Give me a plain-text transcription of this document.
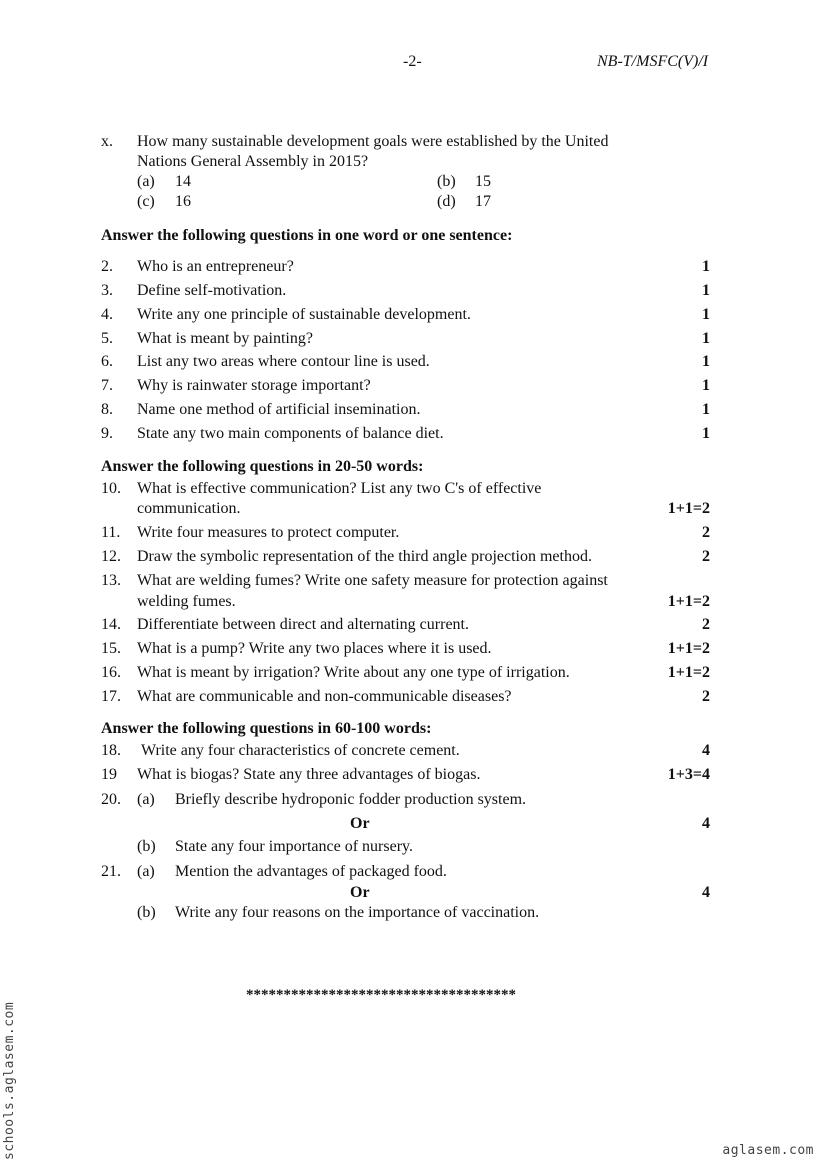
-2-	NB-T/MSFC(V)/I
x. How many sustainable development goals were established by the United
Nations General Assembly in 2015?
(a) 14	(b) 15
(c) 16	(d) 17
Answer the following questions in one word or one sentence:
2. Who is an entrepreneur?	1
3. Define self-motivation.	1
4. Write any one principle of sustainable development.	1
5. What is meant by painting?	1
6. List any two areas where contour line is used.	1
7. Why is rainwater storage important?	1
8. Name one method of artificial insemination.	1
9. State any two main components of balance diet.	1
Answer the following questions in 20-50 words:
10. What is effective communication? List any two C's of effective
communication.	1+1=2
11. Write four measures to protect computer.	2
12. Draw the symbolic representation of the third angle projection method.	2
13. What are welding fumes? Write one safety measure for protection against
welding fumes.	1+1=2
14. Differentiate between direct and alternating current.	2
15. What is a pump? Write any two places where it is used.	1+1=2
16. What is meant by irrigation? Write about any one type of irrigation.	1+1=2
17. What are communicable and non-communicable diseases?	2
Answer the following questions in 60-100 words:
18. Write any four characteristics of concrete cement.	4
19 What is biogas? State any three advantages of biogas.	1+3=4
20. (a) Briefly describe hydroponic fodder production system.
Or	4
(b) State any four importance of nursery.
21. (a) Mention the advantages of packaged food.
Or	4
(b) Write any four reasons on the importance of vaccination.
************************************
schools.aglasem.com	aglasem.com
